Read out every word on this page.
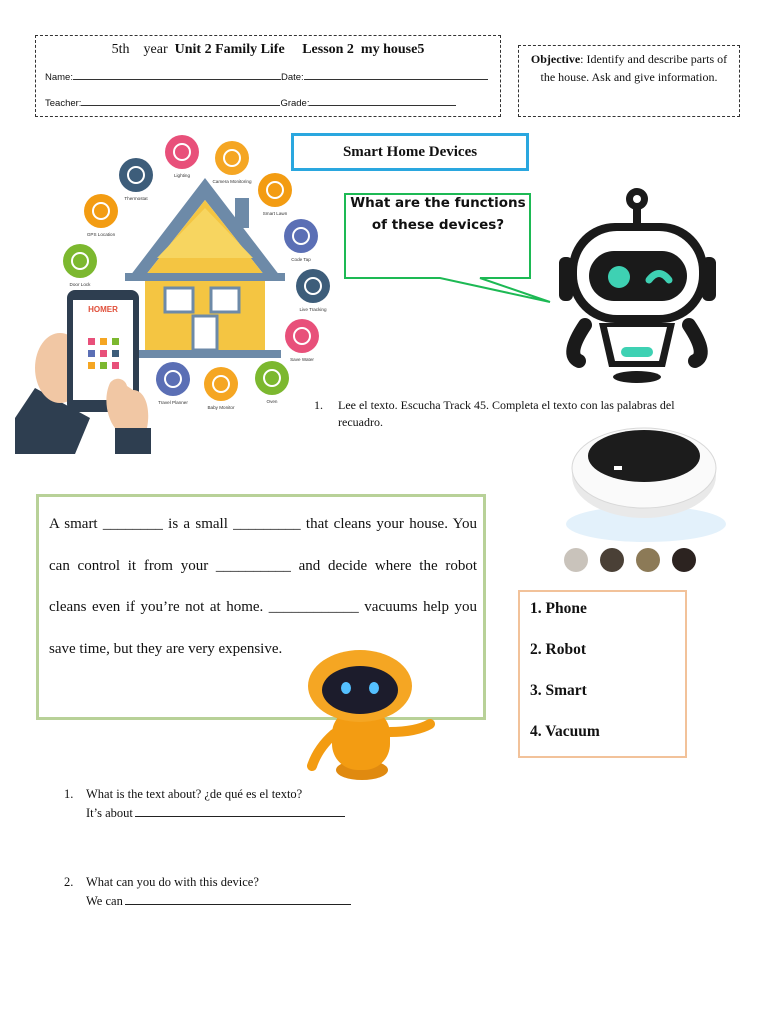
5th year Unit 2 Family Life Lesson 2 my house5
Name:	Date:
Teacher:	Grade:
Objective: Identify and describe parts of the house. Ask and give information.
HOMER
Lighting
Camera Monitoring
Thermostat
Smart Lawn
GPS Location
Code Tap
Door Lock
Live Tracking
Save Water
Travel Planner
Baby Monitor
Oven
Smart Home Devices
What are the functions of these devices?
1. Lee el texto. Escucha Track 45. Completa el texto con las palabras del recuadro.
A smart ________ is a small _________ that cleans your house. You can control it from your __________ and decide where the robot cleans even if you’re not at home. ____________ vacuums help you save time, but they are very expensive.
1. Phone
2. Robot
3. Smart
4. Vacuum
1. What is the text about? ¿de qué es el texto?
It’s about
2. What can you do with this device?
We can
